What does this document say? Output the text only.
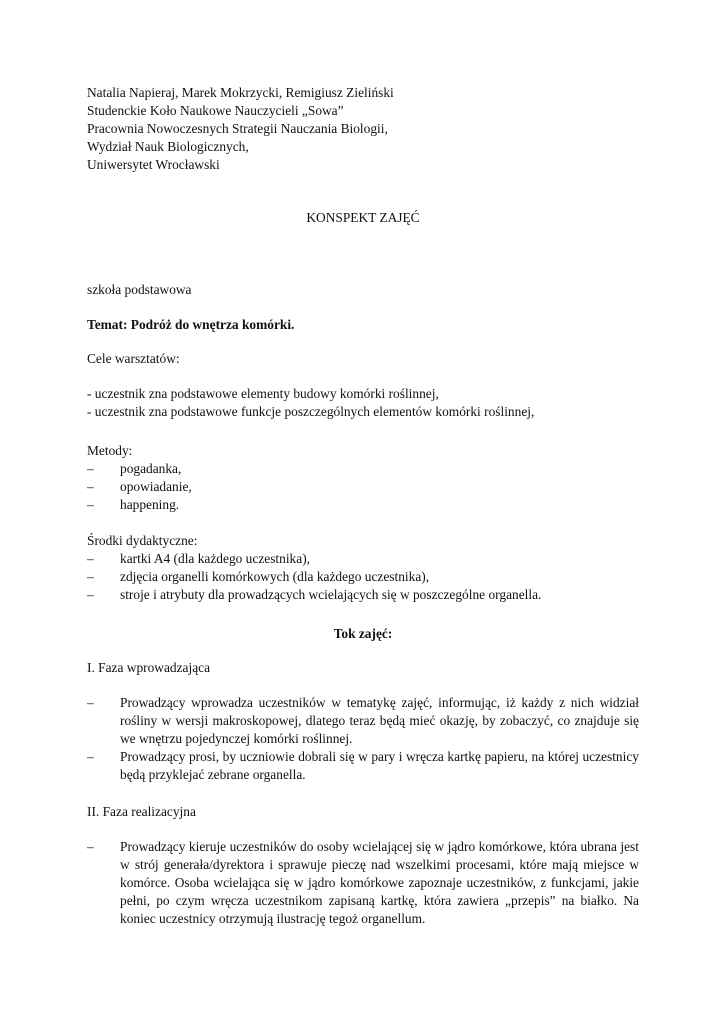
Natalia Napieraj, Marek Mokrzycki, Remigiusz Zieliński
Studenckie Koło Naukowe Nauczycieli „Sowa”
Pracownia Nowoczesnych Strategii Nauczania Biologii,
Wydział Nauk Biologicznych,
Uniwersytet Wrocławski
KONSPEKT ZAJĘĆ
szkoła podstawowa
Temat: Podróż do wnętrza komórki.
Cele warsztatów:
- uczestnik zna podstawowe elementy budowy komórki roślinnej,
- uczestnik zna podstawowe funkcje poszczególnych elementów komórki roślinnej,
Metody:
– pogadanka,
– opowiadanie,
– happening.
Środki dydaktyczne:
– kartki A4 (dla każdego uczestnika),
– zdjęcia organelli komórkowych (dla każdego uczestnika),
– stroje i atrybuty dla prowadzących wcielających się w poszczególne organella.
Tok zajęć:
I. Faza wprowadzająca
– Prowadzący wprowadza uczestników w tematykę zajęć, informując, iż każdy z nich widział rośliny w wersji makroskopowej, dlatego teraz będą mieć okazję, by zobaczyć, co znajduje się we wnętrzu pojedynczej komórki roślinnej.
– Prowadzący prosi, by uczniowie dobrali się w pary i wręcza kartkę papieru, na której uczestnicy będą przyklejać zebrane organella.
II. Faza realizacyjna
– Prowadzący kieruje uczestników do osoby wcielającej się w jądro komórkowe, która ubrana jest w strój generała/dyrektora i sprawuje pieczę nad wszelkimi procesami, które mają miejsce w komórce. Osoba wcielająca się w jądro komórkowe zapoznaje uczestników, z funkcjami, jakie pełni, po czym wręcza uczestnikom zapisaną kartkę, która zawiera „przepis” na białko. Na koniec uczestnicy otrzymują ilustrację tegoż organellum.
